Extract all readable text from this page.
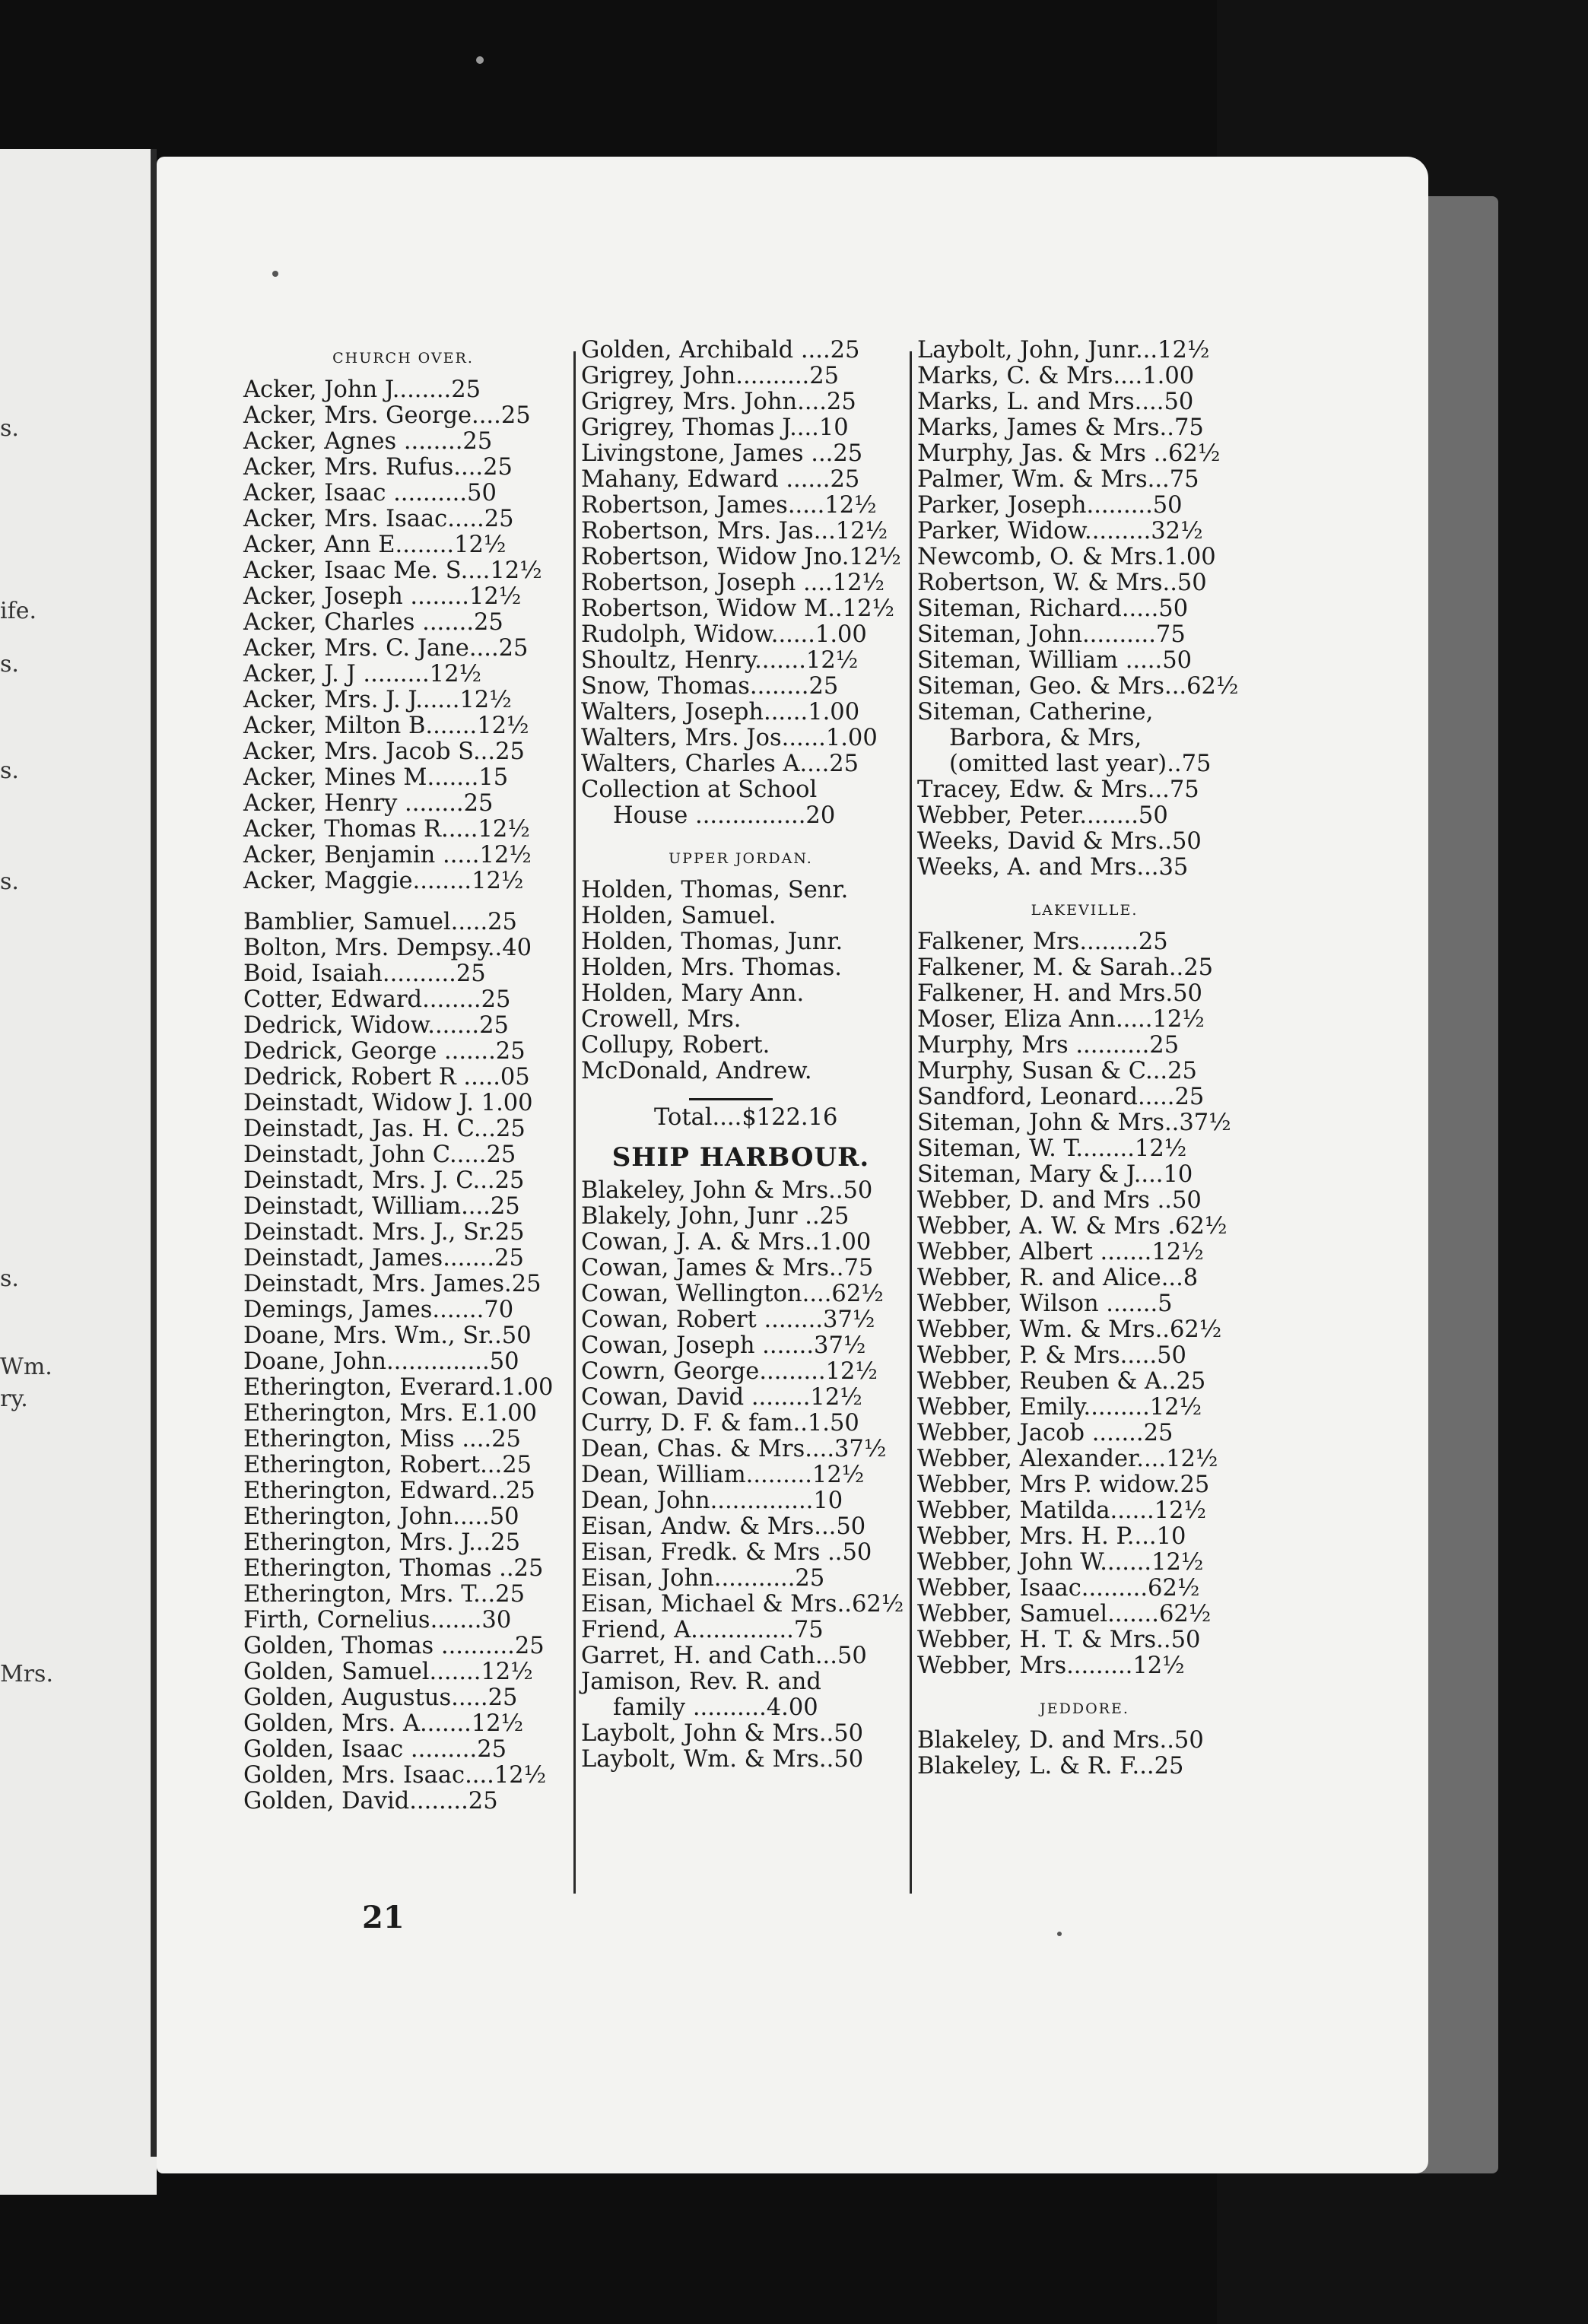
s.
ife.
s.
s.
s.
s.
Wm.
ry.
Mrs.
CHURCH OVER.
Acker, John J........25
Acker, Mrs. George....25
Acker, Agnes ........25
Acker, Mrs. Rufus....25
Acker, Isaac ..........50
Acker, Mrs. Isaac.....25
Acker, Ann E........12½
Acker, Isaac Me. S....12½
Acker, Joseph ........12½
Acker, Charles .......25
Acker, Mrs. C. Jane....25
Acker, J. J .........12½
Acker, Mrs. J. J......12½
Acker, Milton B.......12½
Acker, Mrs. Jacob S...25
Acker, Mines M.......15
Acker, Henry ........25
Acker, Thomas R.....12½
Acker, Benjamin .....12½
Acker, Maggie........12½
Bamblier, Samuel.....25
Bolton, Mrs. Dempsy..40
Boid, Isaiah..........25
Cotter, Edward........25
Dedrick, Widow.......25
Dedrick, George .......25
Dedrick, Robert R .....05
Deinstadt, Widow J. 1.00
Deinstadt, Jas. H. C...25
Deinstadt, John C.....25
Deinstadt, Mrs. J. C...25
Deinstadt, William....25
Deinstadt. Mrs. J., Sr.25
Deinstadt, James.......25
Deinstadt, Mrs. James.25
Demings, James.......70
Doane, Mrs. Wm., Sr..50
Doane, John..............50
Etherington, Everard.1.00
Etherington, Mrs. E.1.00
Etherington, Miss ....25
Etherington, Robert...25
Etherington, Edward..25
Etherington, John.....50
Etherington, Mrs. J...25
Etherington, Thomas ..25
Etherington, Mrs. T...25
Firth, Cornelius.......30
Golden, Thomas ..........25
Golden, Samuel.......12½
Golden, Augustus.....25
Golden, Mrs. A.......12½
Golden, Isaac .........25
Golden, Mrs. Isaac....12½
Golden, David........25
Golden, Archibald ....25
Grigrey, John..........25
Grigrey, Mrs. John....25
Grigrey, Thomas J....10
Livingstone, James ...25
Mahany, Edward ......25
Robertson, James.....12½
Robertson, Mrs. Jas...12½
Robertson, Widow Jno.12½
Robertson, Joseph ....12½
Robertson, Widow M..12½
Rudolph, Widow......1.00
Shoultz, Henry.......12½
Snow, Thomas........25
Walters, Joseph......1.00
Walters, Mrs. Jos......1.00
Walters, Charles A....25
Collection at School
House ...............20
UPPER JORDAN.
Holden, Thomas, Senr.
Holden, Samuel.
Holden, Thomas, Junr.
Holden, Mrs. Thomas.
Holden, Mary Ann.
Crowell, Mrs.
Collupy, Robert.
McDonald, Andrew.
Total....$122.16
SHIP HARBOUR.
Blakeley, John & Mrs..50
Blakely, John, Junr ..25
Cowan, J. A. & Mrs..1.00
Cowan, James & Mrs..75
Cowan, Wellington....62½
Cowan, Robert ........37½
Cowan, Joseph .......37½
Cowrn, George.........12½
Cowan, David ........12½
Curry, D. F. & fam..1.50
Dean, Chas. & Mrs....37½
Dean, William.........12½
Dean, John..............10
Eisan, Andw. & Mrs...50
Eisan, Fredk. & Mrs ..50
Eisan, John...........25
Eisan, Michael & Mrs..62½
Friend, A..............75
Garret, H. and Cath...50
Jamison, Rev. R. and
family ..........4.00
Laybolt, John & Mrs..50
Laybolt, Wm. & Mrs..50
Laybolt, John, Junr...12½
Marks, C. & Mrs....1.00
Marks, L. and Mrs....50
Marks, James & Mrs..75
Murphy, Jas. & Mrs ..62½
Palmer, Wm. & Mrs...75
Parker, Joseph.........50
Parker, Widow.........32½
Newcomb, O. & Mrs.1.00
Robertson, W. & Mrs..50
Siteman, Richard.....50
Siteman, John..........75
Siteman, William .....50
Siteman, Geo. & Mrs...62½
Siteman, Catherine,
Barbora, & Mrs,
(omitted last year)..75
Tracey, Edw. & Mrs...75
Webber, Peter........50
Weeks, David & Mrs..50
Weeks, A. and Mrs...35
LAKEVILLE.
Falkener, Mrs........25
Falkener, M. & Sarah..25
Falkener, H. and Mrs.50
Moser, Eliza Ann.....12½
Murphy, Mrs ..........25
Murphy, Susan & C...25
Sandford, Leonard.....25
Siteman, John & Mrs..37½
Siteman, W. T........12½
Siteman, Mary & J....10
Webber, D. and Mrs ..50
Webber, A. W. & Mrs .62½
Webber, Albert .......12½
Webber, R. and Alice...8
Webber, Wilson .......5
Webber, Wm. & Mrs..62½
Webber, P. & Mrs.....50
Webber, Reuben & A..25
Webber, Emily.........12½
Webber, Jacob .......25
Webber, Alexander....12½
Webber, Mrs P. widow.25
Webber, Matilda......12½
Webber, Mrs. H. P....10
Webber, John W.......12½
Webber, Isaac.........62½
Webber, Samuel.......62½
Webber, H. T. & Mrs..50
Webber, Mrs.........12½
JEDDORE.
Blakeley, D. and Mrs..50
Blakeley, L. & R. F...25
21
